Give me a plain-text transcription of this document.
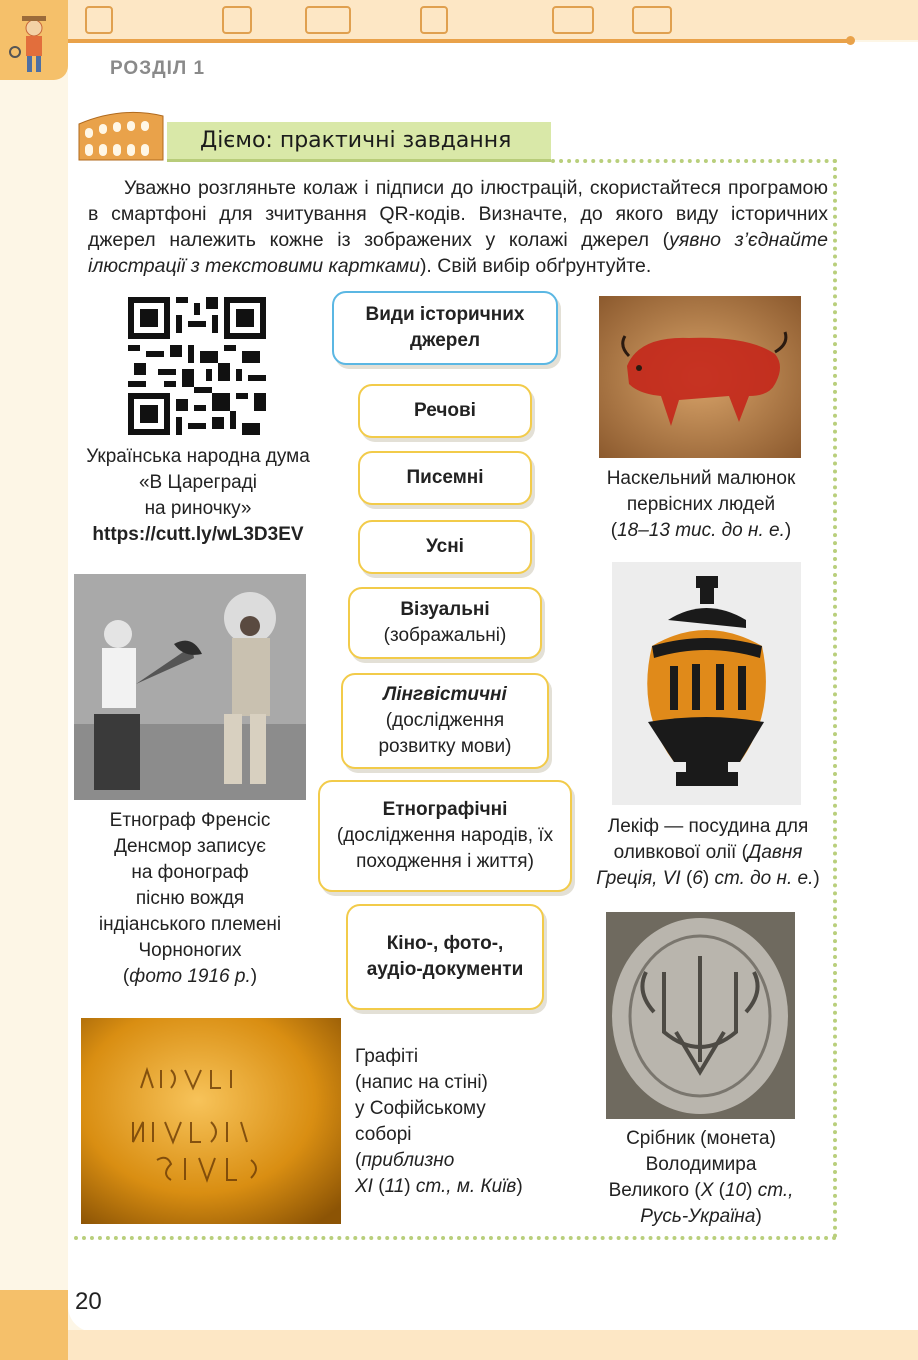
РОЗДІЛ 1
Діємо: практичні завдання
Уважно розгляньте колаж і підписи до ілюстрацій, скористайтеся програмою в смартфоні для зчитування QR-кодів. Визначте, до якого виду історичних джерел належить кожне із зображених у колажі джерел (уявно з’єднайте ілюстрації з текстовими картками). Свій вибір обґрунтуйте.
Українська народна дума
«В Цареграді
на риночку»
https://cutt.ly/wL3D3EV
Наскельний малюнок
первісних людей
(18–13 тис. до н. е.)
Етнограф Френсіс
Денсмор записує
на фонограф
пісню вождя
індіанського племені
Чорноногих
(фото 1916 р.)
Лекіф — посудина для
оливкової олії (Давня
Греція, VI (6) ст. до н. е.)
Графіті
(напис на стіні)
у Софійському
соборі
(приблизно
XI (11) ст., м. Київ)
Срібник (монета)
Володимира
Великого (X (10) ст.,
Русь-Україна)
Види історичних джерел
Речові
Писемні
Усні
Візуальні
(зображальні)
Лінгвістичні
(дослідження розвитку мови)
Етнографічні
(дослідження народів, їх походження і життя)
Кіно-, фото-, аудіо-документи
20
